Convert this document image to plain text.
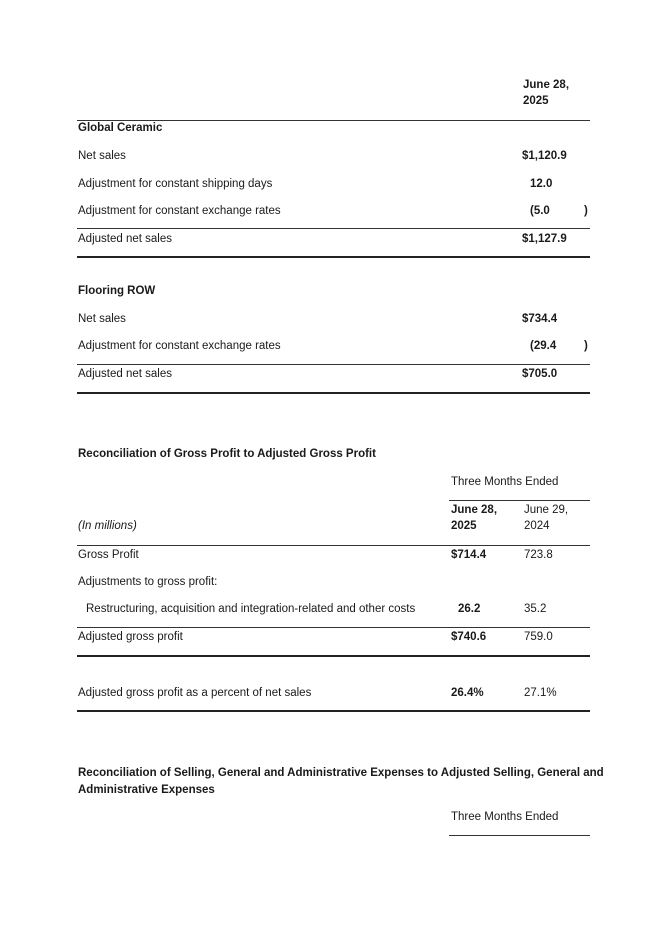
June 28,
2025
Global Ceramic
Net sales	$1,120.9
Adjustment for constant shipping days	12.0
Adjustment for constant exchange rates	(5.0	)
Adjusted net sales	$1,127.9
Flooring ROW
Net sales	$734.4
Adjustment for constant exchange rates	(29.4 )
Adjusted net sales	$705.0
Reconciliation of Gross Profit to Adjusted Gross Profit
Three Months Ended
June 28,
2025
June 29,
2024
(In millions)
Gross Profit	$714.4	723.8
Adjustments to gross profit:
Restructuring, acquisition and integration-related and other costs	26.2	35.2
Adjusted gross profit	$740.6	759.0
Adjusted gross profit as a percent of net sales	26.4%	27.1%
Reconciliation of Selling, General and Administrative Expenses to Adjusted Selling, General and
Administrative Expenses
Three Months Ended
